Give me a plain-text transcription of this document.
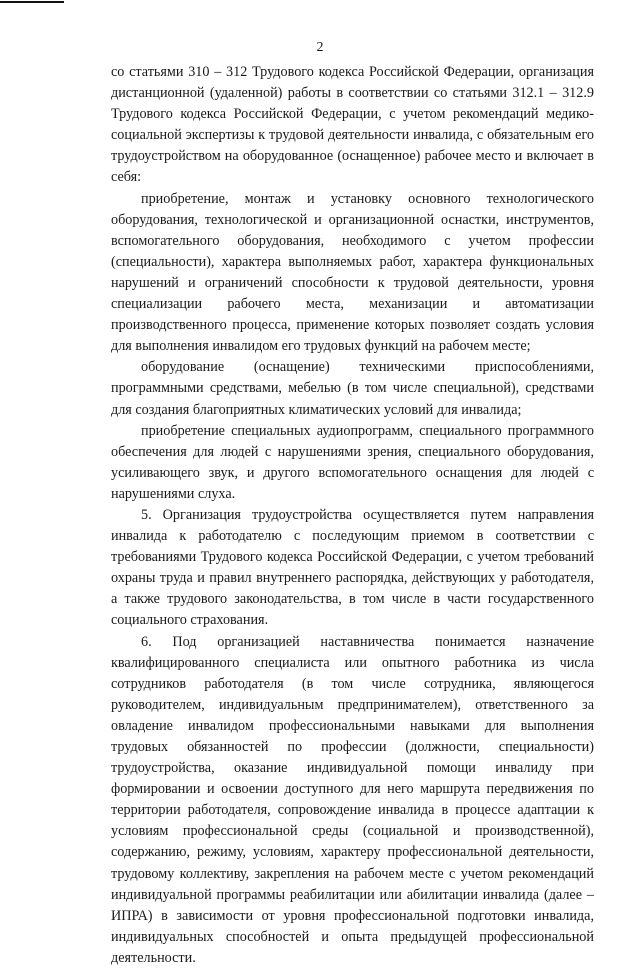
2

со статьями 310 – 312 Трудового кодекса Российской Федерации, организация дистанционной (удаленной) работы в соответствии со статьями 312.1 – 312.9 Трудового кодекса Российской Федерации, с учетом рекомендаций медико-социальной экспертизы к трудовой деятельности инвалида, с обязательным его трудоустройством на оборудованное (оснащенное) рабочее место и включает в себя:

приобретение, монтаж и установку основного технологического оборудования, технологической и организационной оснастки, инструментов, вспомогательного оборудования, необходимого с учетом профессии (специальности), характера выполняемых работ, характера функциональных нарушений и ограничений способности к трудовой деятельности, уровня специализации рабочего места, механизации и автоматизации производственного процесса, применение которых позволяет создать условия для выполнения инвалидом его трудовых функций на рабочем месте;

оборудование (оснащение) техническими приспособлениями, программными средствами, мебелью (в том числе специальной), средствами для создания благоприятных климатических условий для инвалида;

приобретение специальных аудиопрограмм, специального программного обеспечения для людей с нарушениями зрения, специального оборудования, усиливающего звук, и другого вспомогательного оснащения для людей с нарушениями слуха.

5. Организация трудоустройства осуществляется путем направления инвалида к работодателю с последующим приемом в соответствии с требованиями Трудового кодекса Российской Федерации, с учетом требований охраны труда и правил внутреннего распорядка, действующих у работодателя, а также трудового законодательства, в том числе в части государственного социального страхования.

6. Под организацией наставничества понимается назначение квалифицированного специалиста или опытного работника из числа сотрудников работодателя (в том числе сотрудника, являющегося руководителем, индивидуальным предпринимателем), ответственного за овладение инвалидом профессиональными навыками для выполнения трудовых обязанностей по профессии (должности, специальности) трудоустройства, оказание индивидуальной помощи инвалиду при формировании и освоении доступного для него маршрута передвижения по территории работодателя, сопровождение инвалида в процессе адаптации к условиям профессиональной среды (социальной и производственной), содержанию, режиму, условиям, характеру профессиональной деятельности, трудовому коллективу, закрепления на рабочем месте с учетом рекомендаций индивидуальной программы реабилитации или абилитации инвалида (далее – ИПРА) в зависимости от уровня профессиональной подготовки инвалида, индивидуальных способностей и опыта предыдущей профессиональной деятельности.
